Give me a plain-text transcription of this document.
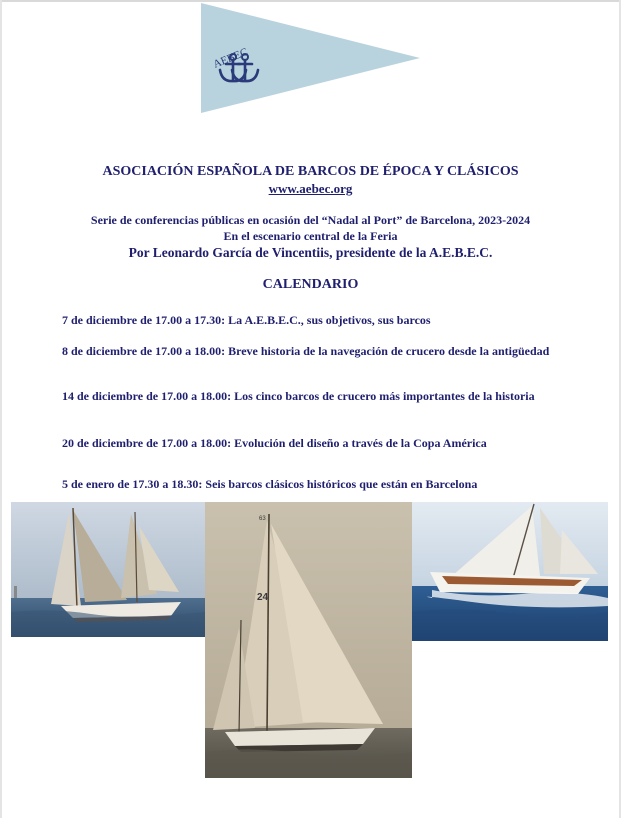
AEBEC
ASOCIACIÓN ESPAÑOLA DE BARCOS DE ÉPOCA Y CLÁSICOS
www.aebec.org
Serie de conferencias públicas en ocasión del “Nadal al Port” de Barcelona, 2023-2024
En el escenario central de la Feria
Por Leonardo García de Vincentiis, presidente de la A.E.B.E.C.
CALENDARIO
7 de diciembre de 17.00 a 17.30: La A.E.B.E.C., sus objetivos, sus barcos
8 de diciembre de 17.00 a 18.00: Breve historia de la navegación de crucero desde la antigüedad
14 de diciembre de 17.00 a 18.00: Los cinco barcos de crucero más importantes de la historia
20 de diciembre de 17.00 a 18.00: Evolución del diseño a través de la Copa América
5 de enero de 17.30 a 18.30: Seis barcos clásicos históricos que están en Barcelona
24
63
